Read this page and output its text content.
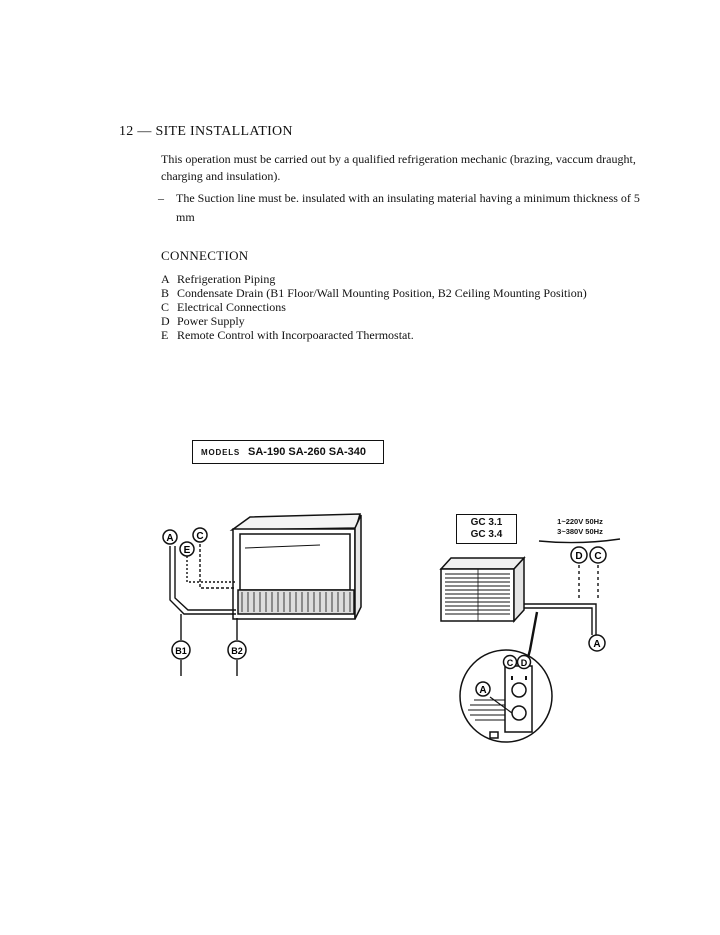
12 — SITE INSTALLATION
This operation must be carried out by a qualified refrigeration mechanic (brazing, vaccum draught, charging and insulation).
– The Suction line must be. insulated with an insulating material having a minimum thickness of 5 mm
CONNECTION
A Refrigeration Piping
B Condensate Drain (B1 Floor/Wall Mounting Position, B2 Ceiling Mounting Position)
C Electrical Connections
D Power Supply
E Remote Control with Incorpoaracted Thermostat.
MODELS SA-190 SA-260 SA-340
A C
E
B1	B2
D C
A
A
C D
GC 3.1
GC 3.4
1~220V 50Hz
3~380V 50Hz
